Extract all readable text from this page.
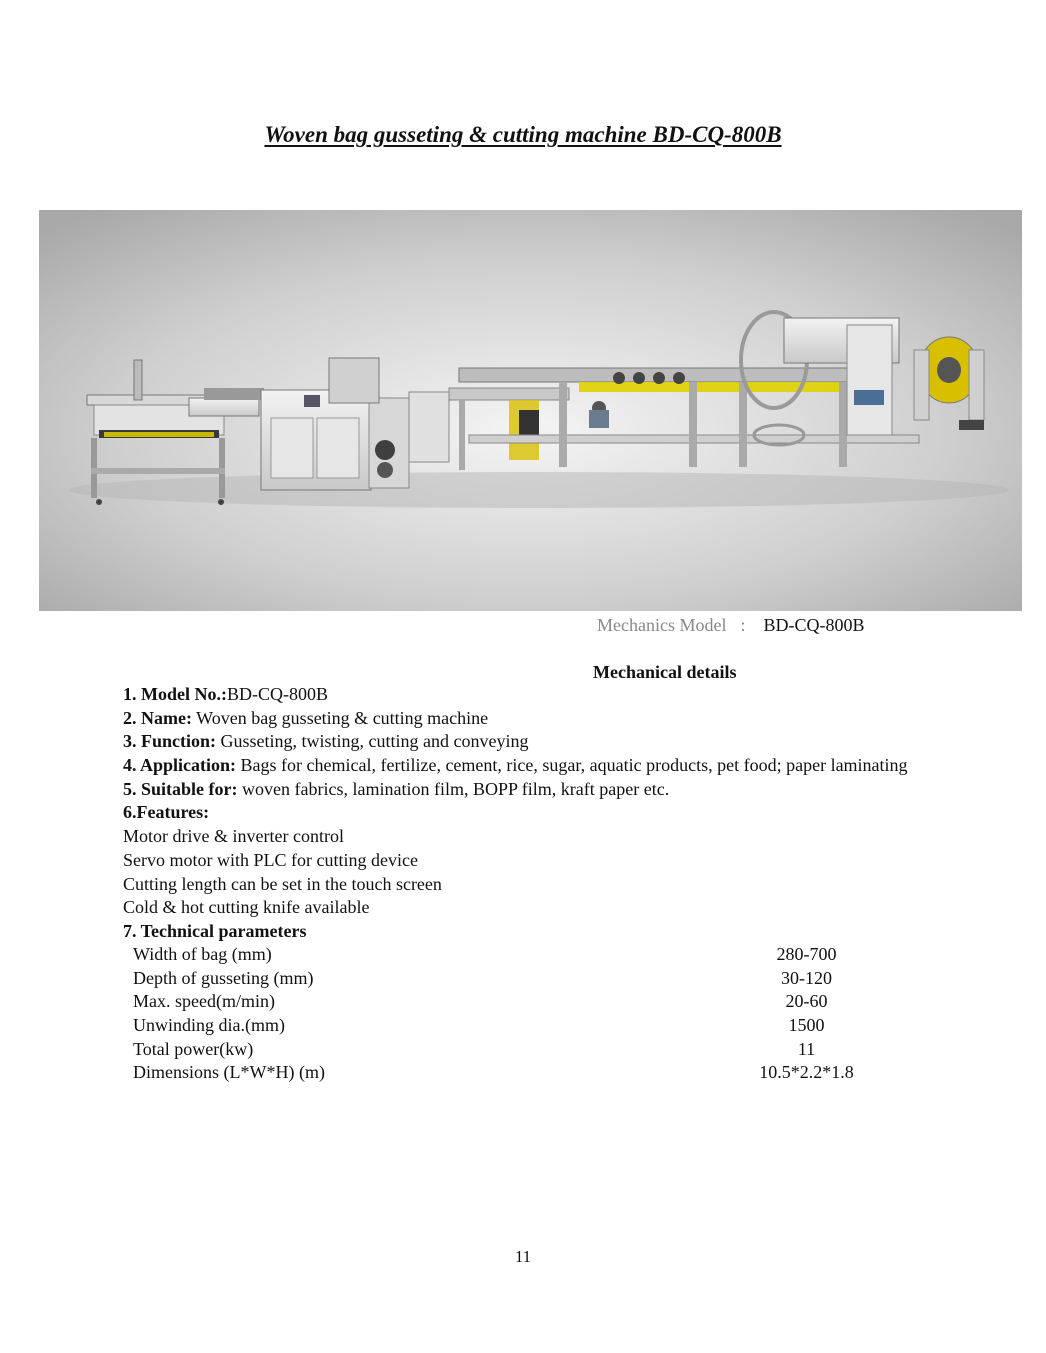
Woven bag gusseting & cutting machine BD-CQ-800B
Mechanics Model : BD-CQ-800B
Mechanical details
1. Model No.:BD-CQ-800B
2. Name: Woven bag gusseting & cutting machine
3. Function: Gusseting, twisting, cutting and conveying
4. Application: Bags for chemical, fertilize, cement, rice, sugar, aquatic products, pet food; paper laminating
5. Suitable for: woven fabrics, lamination film, BOPP film, kraft paper etc.
6.Features:
Motor drive & inverter control
Servo motor with PLC for cutting device
Cutting length can be set in the touch screen
Cold & hot cutting knife available
7. Technical parameters
Width of bag (mm)	280-700
Depth of gusseting (mm)	30-120
Max. speed(m/min)	20-60
Unwinding dia.(mm)	1500
Total power(kw)	11
Dimensions (L*W*H) (m)	10.5*2.2*1.8
11
